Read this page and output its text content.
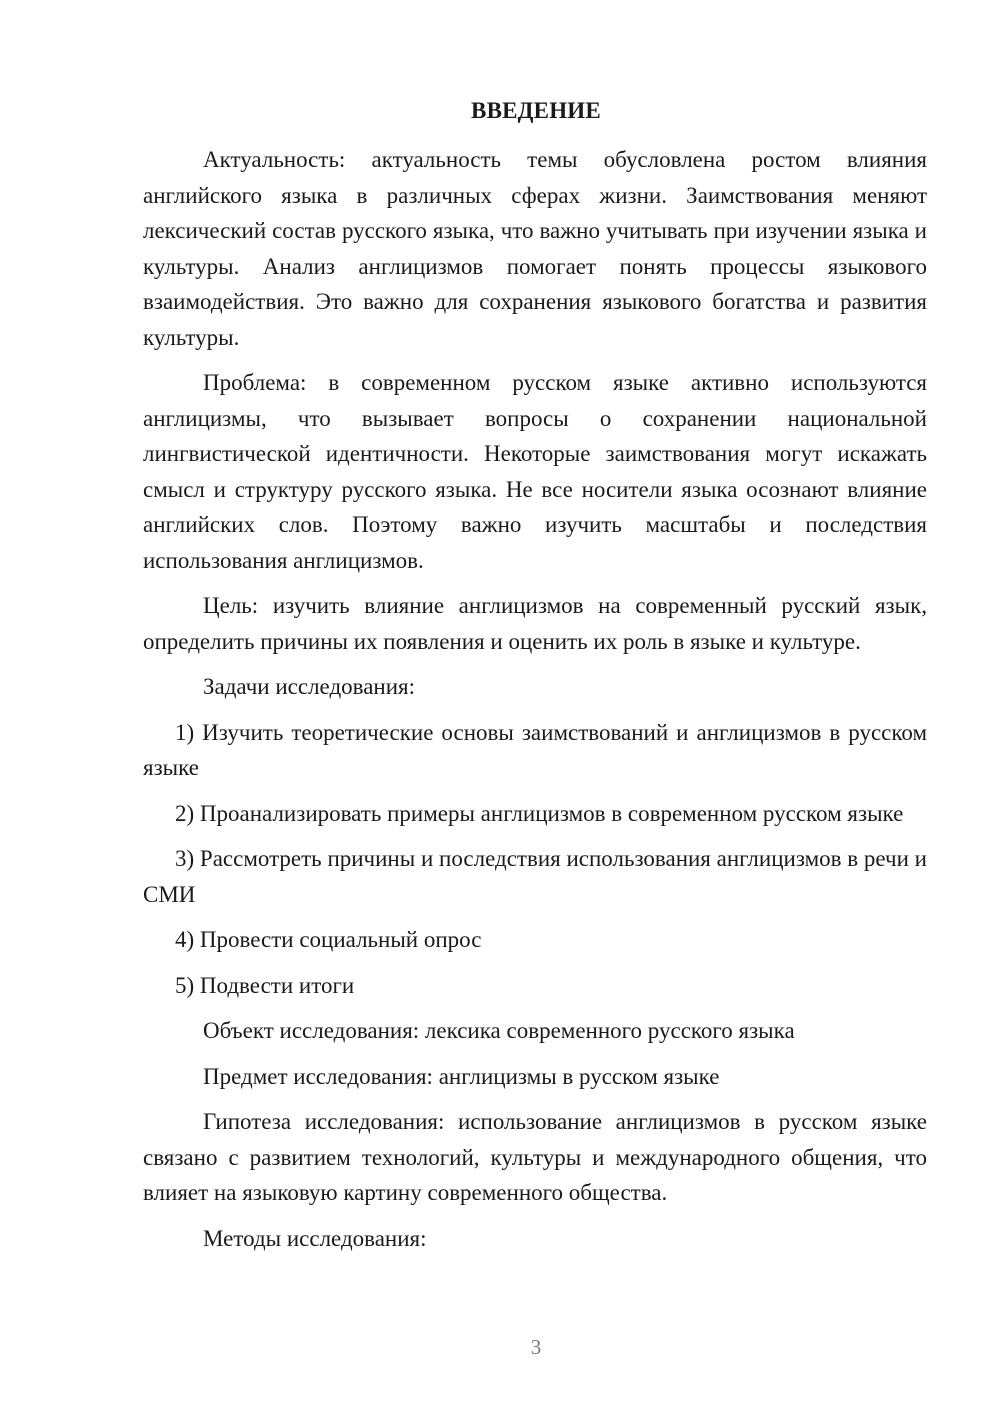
ВВЕДЕНИЕ

Актуальность: актуальность темы обусловлена ростом влияния английского языка в различных сферах жизни. Заимствования меняют лексический состав русского языка, что важно учитывать при изучении языка и культуры. Анализ англицизмов помогает понять процессы языкового взаимодействия. Это важно для сохранения языкового богатства и развития культуры.

Проблема: в современном русском языке активно используются англицизмы, что вызывает вопросы о сохранении национальной лингвистической идентичности. Некоторые заимствования могут искажать смысл и структуру русского языка. Не все носители языка осознают влияние английских слов. Поэтому важно изучить масштабы и последствия использования англицизмов.

Цель: изучить влияние англицизмов на современный русский язык, определить причины их появления и оценить их роль в языке и культуре.

Задачи исследования:

1) Изучить теоретические основы заимствований и англицизмов в русском языке

2) Проанализировать примеры англицизмов в современном русском языке

3) Рассмотреть причины и последствия использования англицизмов в речи и СМИ

4) Провести социальный опрос

5) Подвести итоги

Объект исследования: лексика современного русского языка

Предмет исследования: англицизмы в русском языке

Гипотеза исследования: использование англицизмов в русском языке связано с развитием технологий, культуры и международного общения, что влияет на языковую картину современного общества.

Методы исследования:

3
